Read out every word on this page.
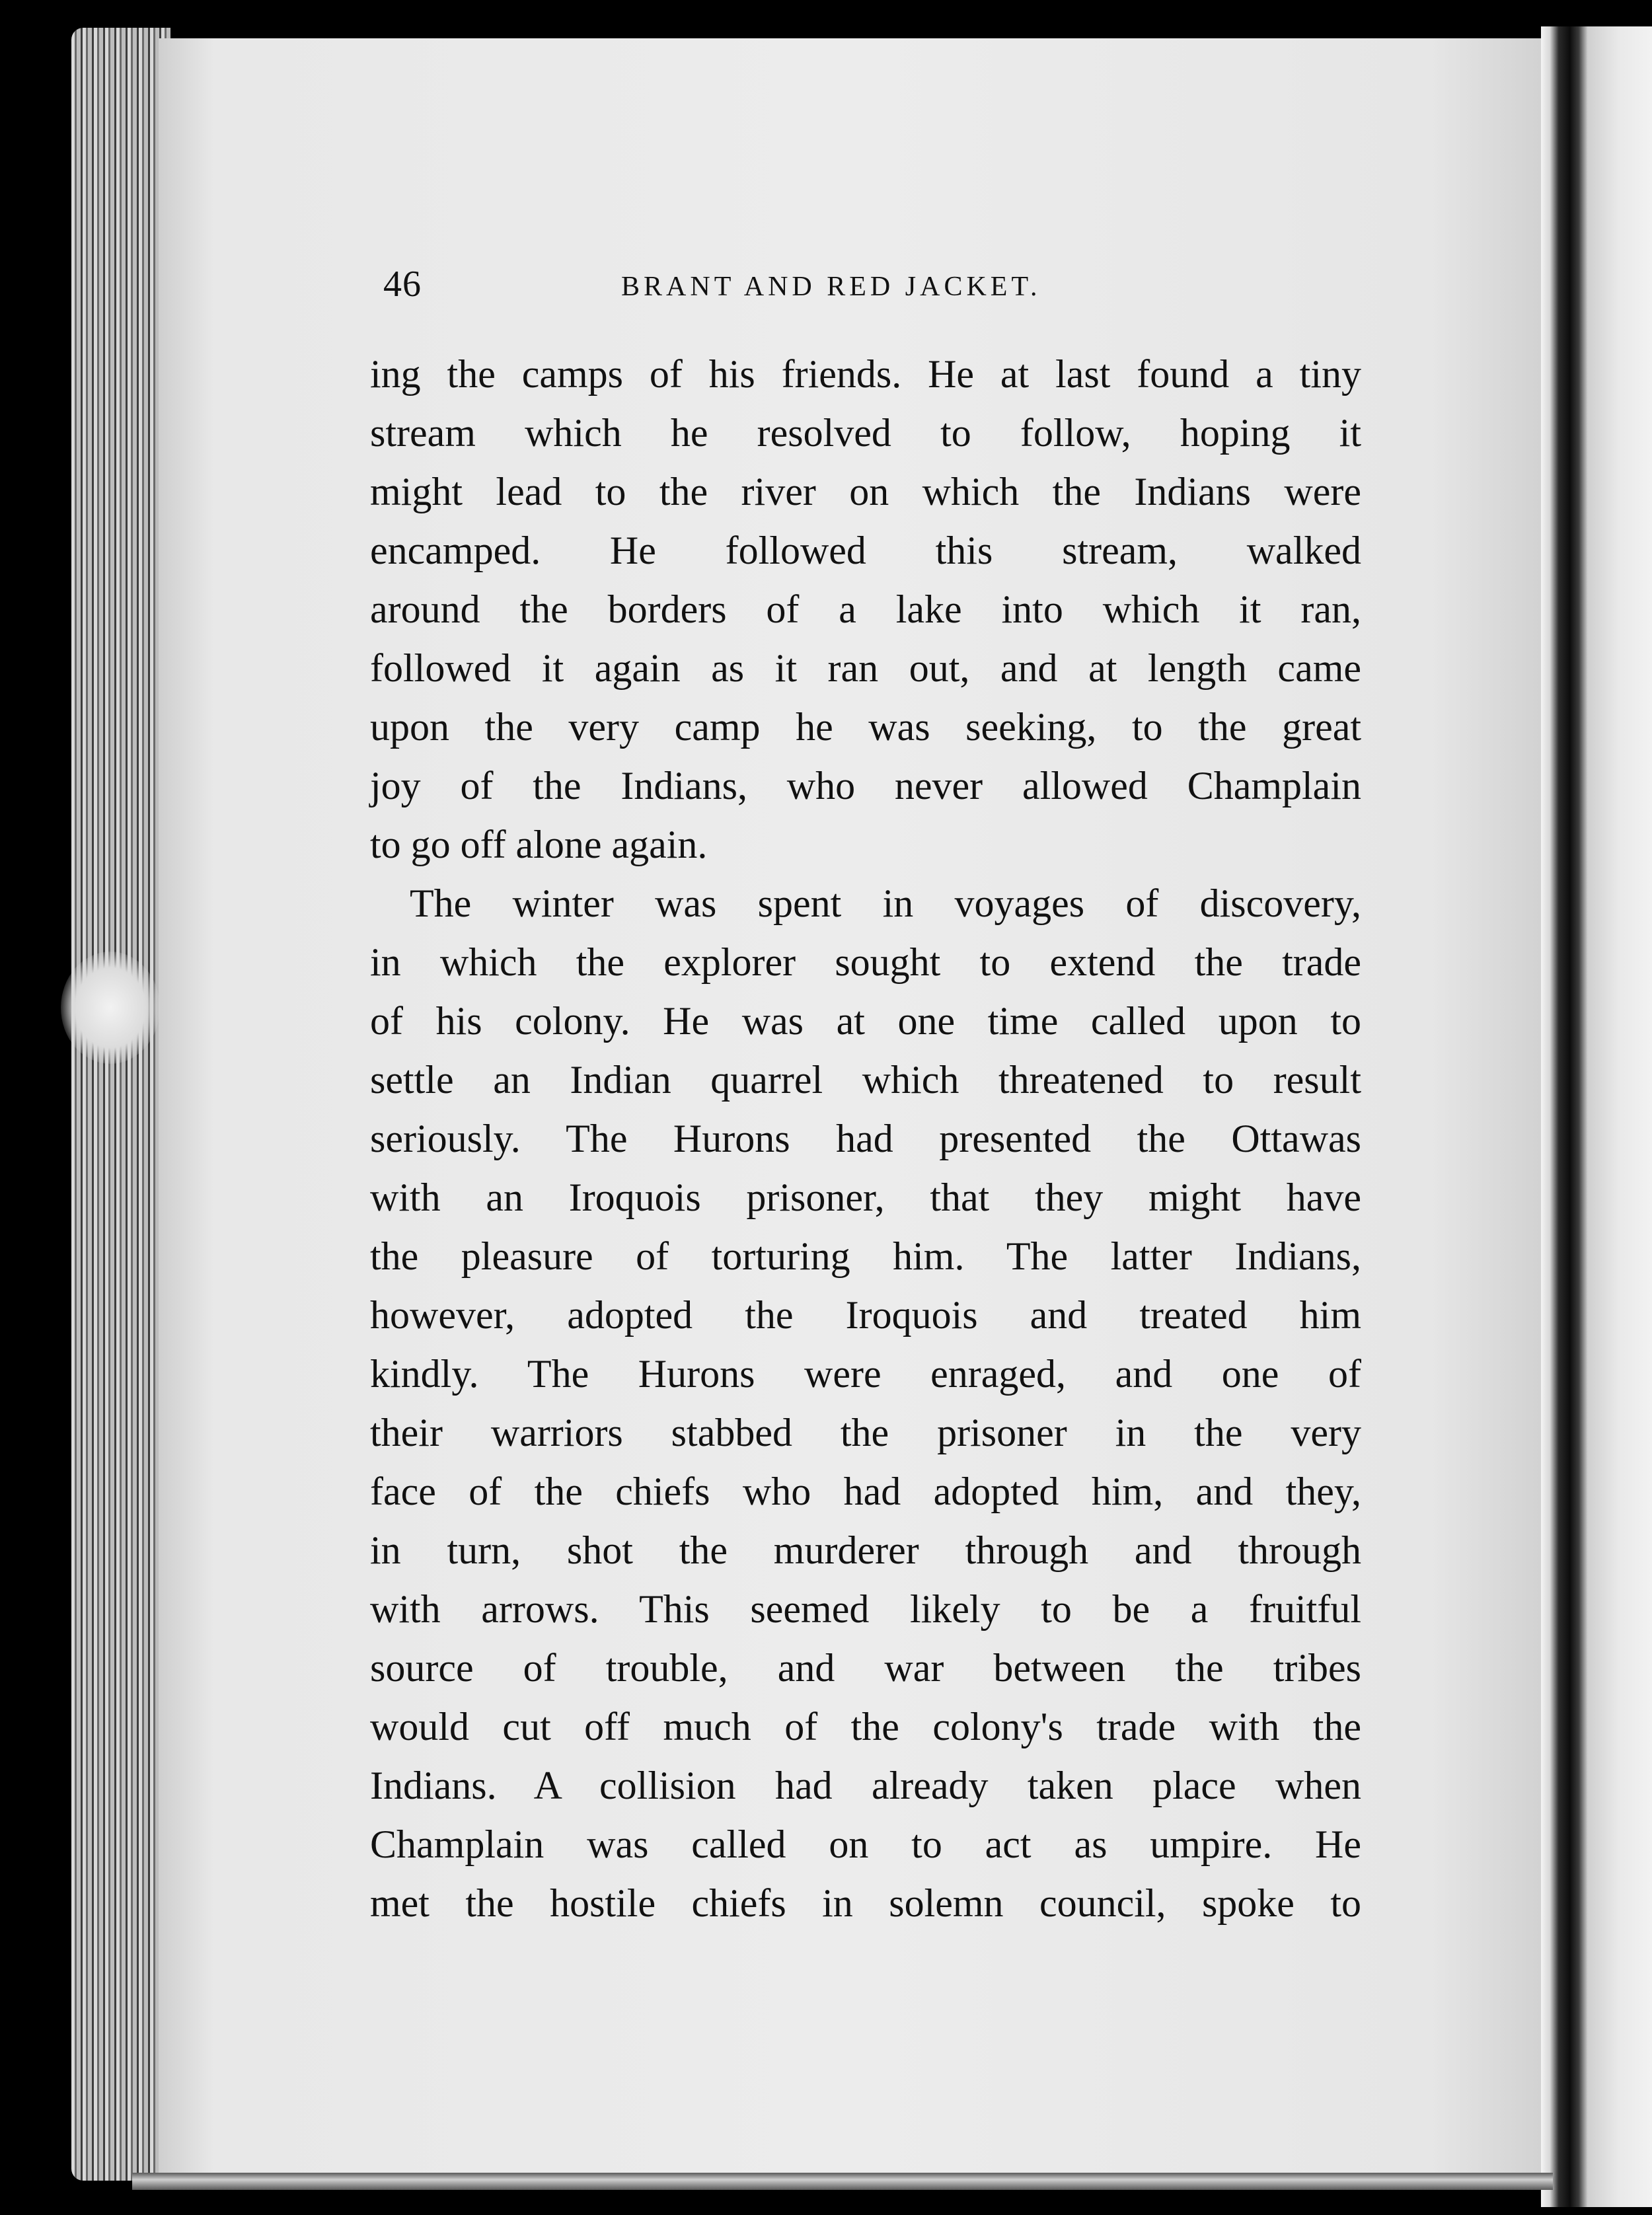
46	BRANT AND RED JACKET.
ing the camps of his friends. He at last found a tiny
stream which he resolved to follow, hoping it
might lead to the river on which the Indians were
encamped. He followed this stream, walked
around the borders of a lake into which it ran,
followed it again as it ran out, and at length came
upon the very camp he was seeking, to the great
joy of the Indians, who never allowed Champlain
to go off alone again.
The winter was spent in voyages of discovery,
in which the explorer sought to extend the trade
of his colony. He was at one time called upon to
settle an Indian quarrel which threatened to result
seriously. The Hurons had presented the Ottawas
with an Iroquois prisoner, that they might have
the pleasure of torturing him. The latter Indians,
however, adopted the Iroquois and treated him
kindly. The Hurons were enraged, and one of
their warriors stabbed the prisoner in the very
face of the chiefs who had adopted him, and they,
in turn, shot the murderer through and through
with arrows. This seemed likely to be a fruitful
source of trouble, and war between the tribes
would cut off much of the colony's trade with the
Indians. A collision had already taken place when
Champlain was called on to act as umpire. He
met the hostile chiefs in solemn council, spoke to
